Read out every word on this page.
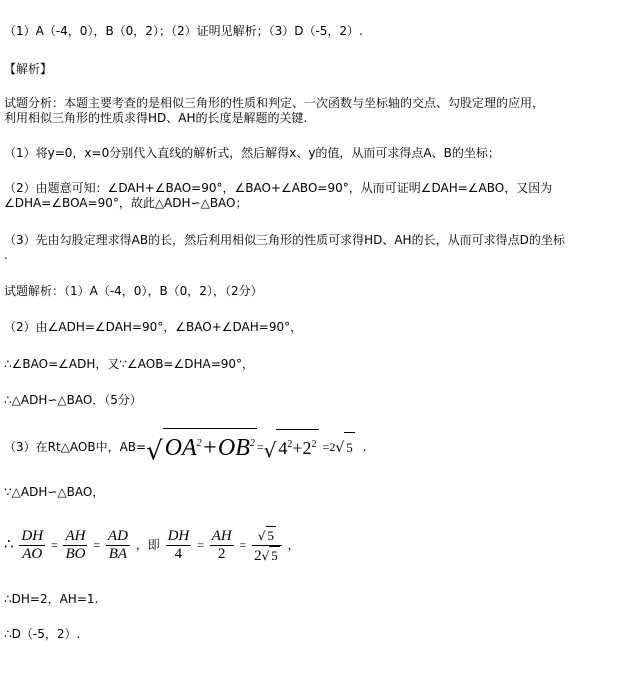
（1）A（-4，0），B（0，2）；（2）证明见解析；（3）D（-5，2）.
【解析】
试题分析：本题主要考查的是相似三角形的性质和判定、一次函数与坐标轴的交点、勾股定理的应用，
利用相似三角形的性质求得HD、AH的长度是解题的关键.
（1）将y=0，x=0分别代入直线的解析式，然后解得x、y的值，从而可求得点A、B的坐标；
（2）由题意可知：∠DAH+∠BAO=90°，∠BAO+∠ABO=90°，从而可证明∠DAH=∠ABO，又因为
∠DHA=∠BOA=90°，故此△ADH∽△BAO；
（3）先由勾股定理求得AB的长，然后利用相似三角形的性质可求得HD、AH的长，从而可求得点D的坐标
.
试题解析：（1）A（-4，0），B（0，2），（2分）
（2）由∠ADH=∠DAH=90°，∠BAO+∠DAH=90°，
∴∠BAO=∠ADH，又∵∠AOB=∠DHA=90°，
∴△ADH∽△BAO．（5分）
（3）在Rt△AOB中，$AB=√OA^2+OB^2$ =√ $4^2+2^2 =2√$ 5 .
∵△ADH∽△BAO，
∴ $\frac{DH}{AO} = \frac{AH}{BO} = \frac{AD}{BA}$ ，即 $\frac{DH}{4} = \frac{AH}{2} = \frac{√ 5}{2√ 5}$ ，
∴DH=2，AH=1.
∴D（-5，2）.
